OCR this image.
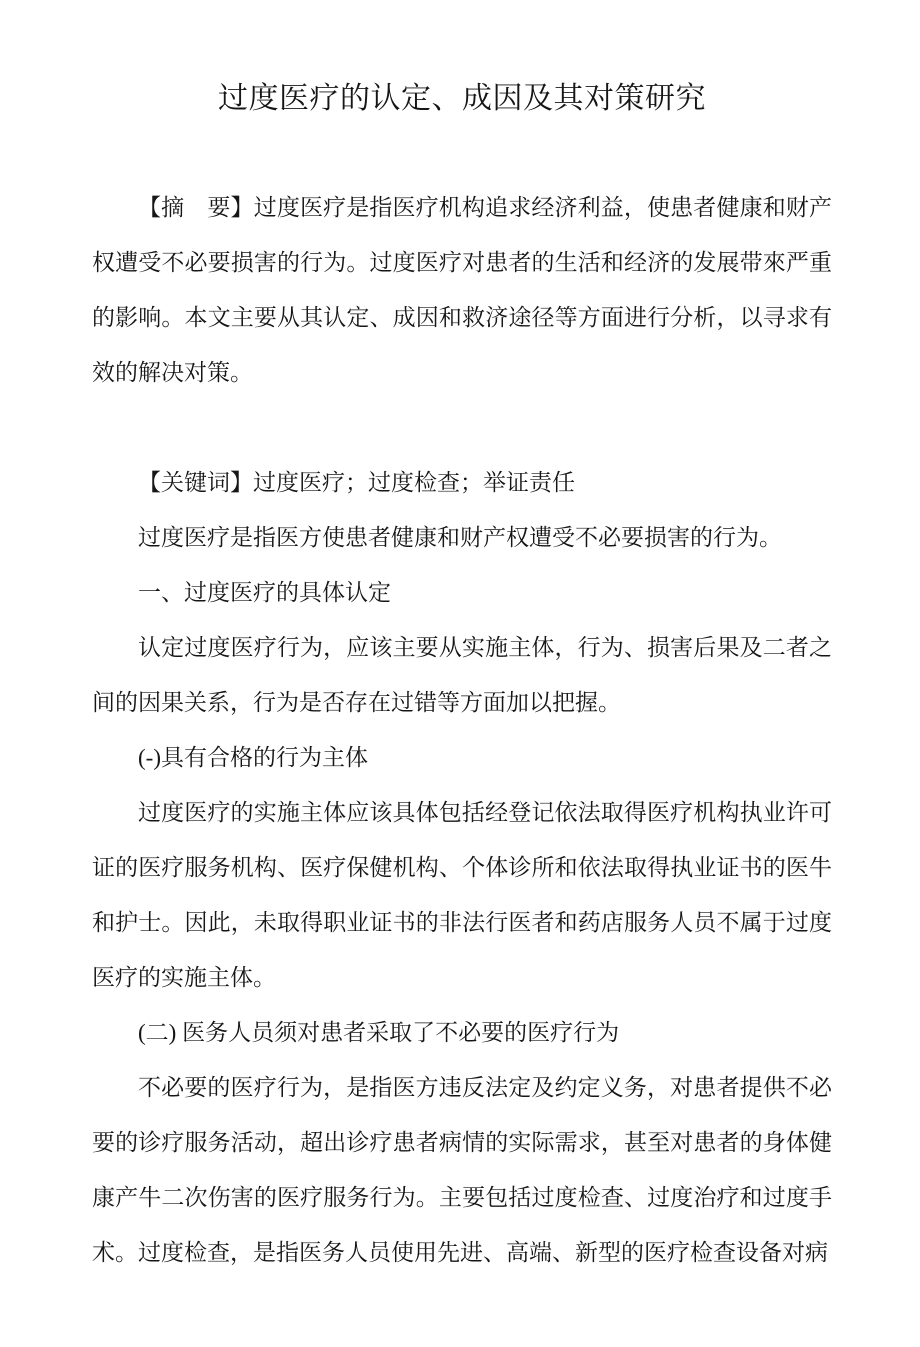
过度医疗的认定、成因及其对策研究

【摘　要】过度医疗是指医疗机构追求经济利益，使患者健康和财产权遭受不必要损害的行为。过度医疗对患者的生活和经济的发展带來严重的影响。本文主要从其认定、成因和救济途径等方面进行分析，以寻求有效的解决对策。

【关键词】过度医疗；过度检查；举证责任

过度医疗是指医方使患者健康和财产权遭受不必要损害的行为。

一、过度医疗的具体认定

认定过度医疗行为，应该主要从实施主体，行为、损害后果及二者之间的因果关系，行为是否存在过错等方面加以把握。

(-)具有合格的行为主体

过度医疗的实施主体应该具体包括经登记依法取得医疗机构执业许可证的医疗服务机构、医疗保健机构、个体诊所和依法取得执业证书的医牛和护士。因此，未取得职业证书的非法行医者和药店服务人员不属于过度医疗的实施主体。

(二) 医务人员须对患者采取了不必要的医疗行为

不必要的医疗行为，是指医方违反法定及约定义务，对患者提供不必要的诊疗服务活动，超出诊疗患者病情的实际需求，甚至对患者的身体健康产牛二次伤害的医疗服务行为。主要包括过度检查、过度治疗和过度手术。过度检查，是指医务人员使用先进、高端、新型的医疗检查设备对病
